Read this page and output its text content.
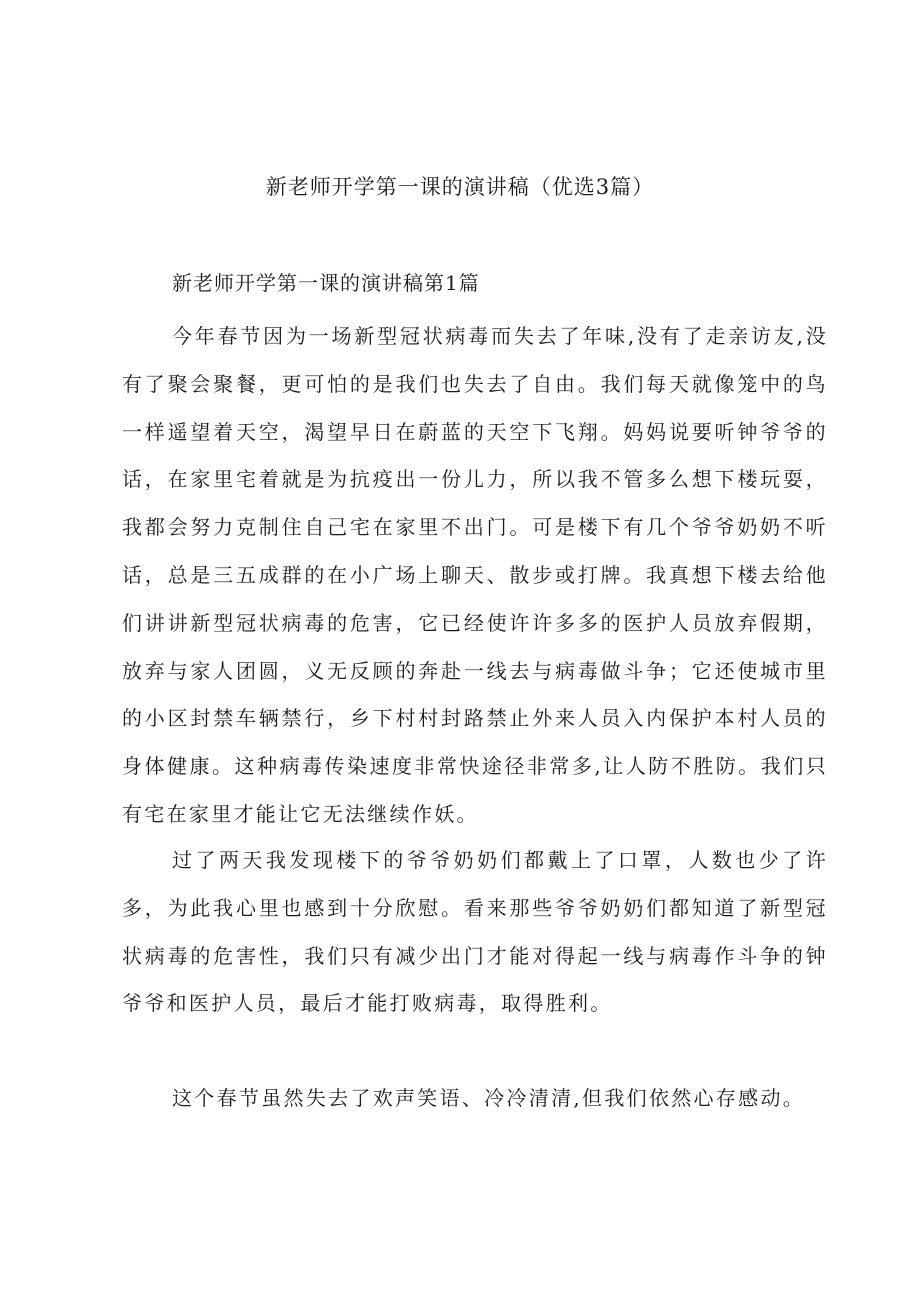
新老师开学第一课的演讲稿（优选3篇）
新老师开学第一课的演讲稿第1篇

今年春节因为一场新型冠状病毒而失去了年味,没有了走亲访友,没有了聚会聚餐，更可怕的是我们也失去了自由。我们每天就像笼中的鸟一样遥望着天空，渴望早日在蔚蓝的天空下飞翔。妈妈说要听钟爷爷的话，在家里宅着就是为抗疫出一份儿力，所以我不管多么想下楼玩耍，我都会努力克制住自己宅在家里不出门。可是楼下有几个爷爷奶奶不听话，总是三五成群的在小广场上聊天、散步或打牌。我真想下楼去给他们讲讲新型冠状病毒的危害，它已经使许许多多的医护人员放弃假期，放弃与家人团圆，义无反顾的奔赴一线去与病毒做斗争；它还使城市里的小区封禁车辆禁行，乡下村村封路禁止外来人员入内保护本村人员的身体健康。这种病毒传染速度非常快途径非常多,让人防不胜防。我们只有宅在家里才能让它无法继续作妖。

过了两天我发现楼下的爷爷奶奶们都戴上了口罩，人数也少了许多，为此我心里也感到十分欣慰。看来那些爷爷奶奶们都知道了新型冠状病毒的危害性，我们只有减少出门才能对得起一线与病毒作斗争的钟爷爷和医护人员，最后才能打败病毒，取得胜利。

这个春节虽然失去了欢声笑语、冷冷清清,但我们依然心存感动。
